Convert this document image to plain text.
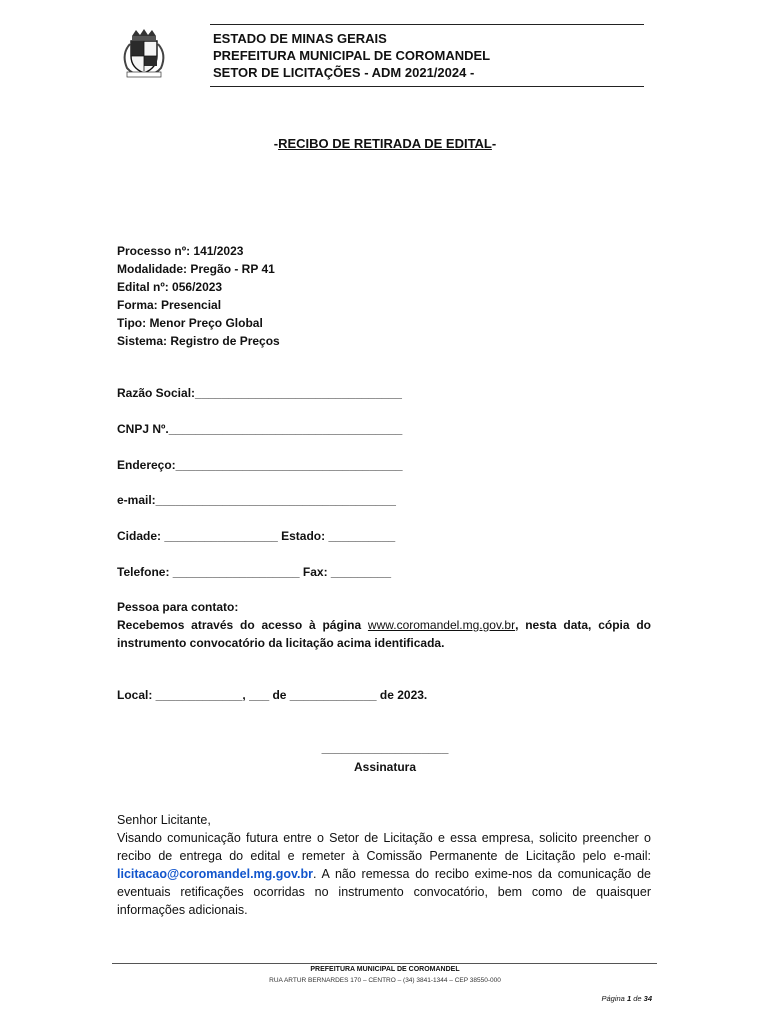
ESTADO DE MINAS GERAIS
PREFEITURA MUNICIPAL DE COROMANDEL
SETOR DE LICITAÇÕES - ADM 2021/2024 -
-RECIBO DE RETIRADA DE EDITAL-
Processo nº: 141/2023
Modalidade: Pregão - RP 41
Edital nº: 056/2023
Forma: Presencial
Tipo: Menor Preço Global
Sistema: Registro de Preços
Razão Social:_______________________________
CNPJ Nº.___________________________________
Endereço:__________________________________
e-mail:____________________________________
Cidade: _________________ Estado: __________
Telefone: ___________________ Fax: _________
Pessoa para contato:
Recebemos através do acesso à página www.coromandel.mg.gov.br, nesta data, cópia do instrumento convocatório da licitação acima identificada.
Local: _____________, ___ de _____________ de 2023.
___________________
Assinatura
Senhor Licitante,
Visando comunicação futura entre o Setor de Licitação e essa empresa, solicito preencher o recibo de entrega do edital e remeter à Comissão Permanente de Licitação pelo e-mail: licitacao@coromandel.mg.gov.br. A não remessa do recibo exime-nos da comunicação de eventuais retificações ocorridas no instrumento convocatório, bem como de quaisquer informações adicionais.
PREFEITURA MUNICIPAL DE COROMANDEL
RUA ARTUR BERNARDES 170 – CENTRO – (34) 3841-1344 – CEP 38550-000
Página 1 de 34
